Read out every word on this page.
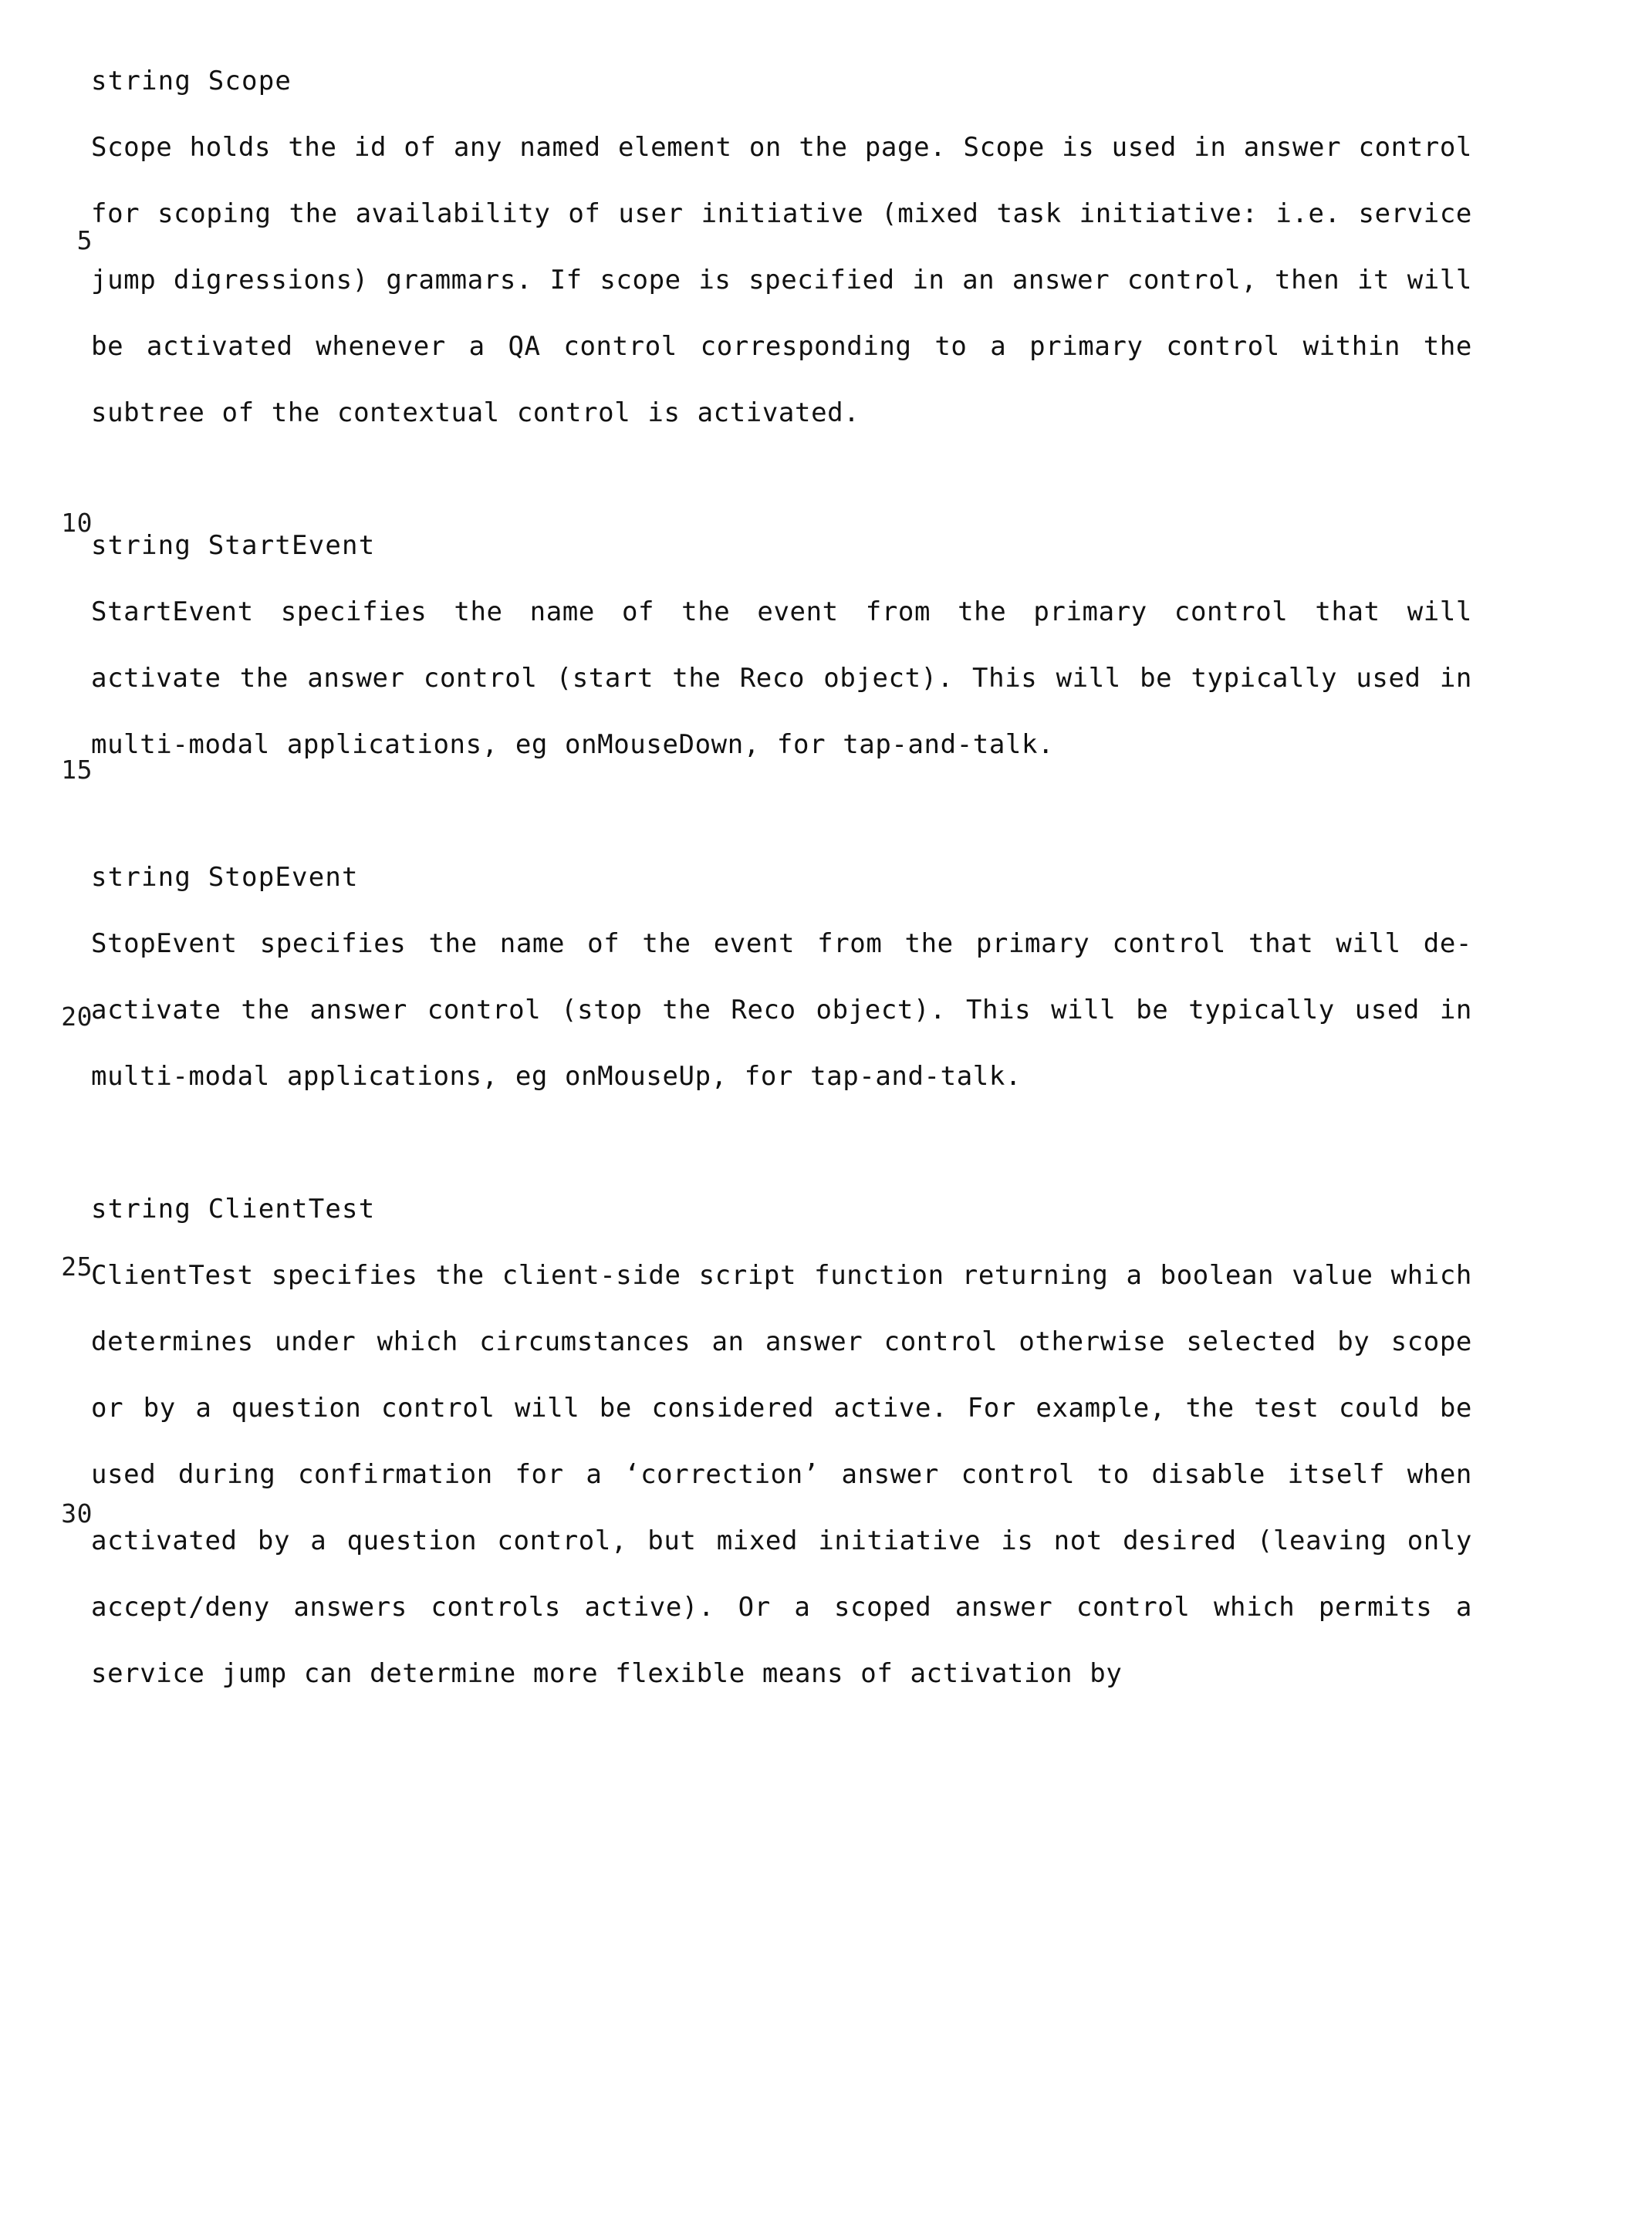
5
10
15
20
25
30
string Scope
Scope holds the id of any named element on the page. Scope is used in answer control for scoping the availability of user initiative (mixed task initiative: i.e. service jump digressions) grammars. If scope is specified in an answer control, then it will be activated whenever a QA control corresponding to a primary control within the subtree of the contextual control is activated.
string StartEvent
StartEvent specifies the name of the event from the primary control that will activate the answer control (start the Reco object). This will be typically used in multi-modal applications, eg onMouseDown, for tap-and-talk.
string StopEvent
StopEvent specifies the name of the event from the primary control that will de-activate the answer control (stop the Reco object). This will be typically used in multi-modal applications, eg onMouseUp, for tap-and-talk.
string ClientTest
ClientTest specifies the client-side script function returning a boolean value which determines under which circumstances an answer control otherwise selected by scope or by a question control will be considered active. For example, the test could be used during confirmation for a ‘correction’ answer control to disable itself when activated by a question control, but mixed initiative is not desired (leaving only accept/deny answers controls active). Or a scoped answer control which permits a service jump can determine more flexible means of activation by
